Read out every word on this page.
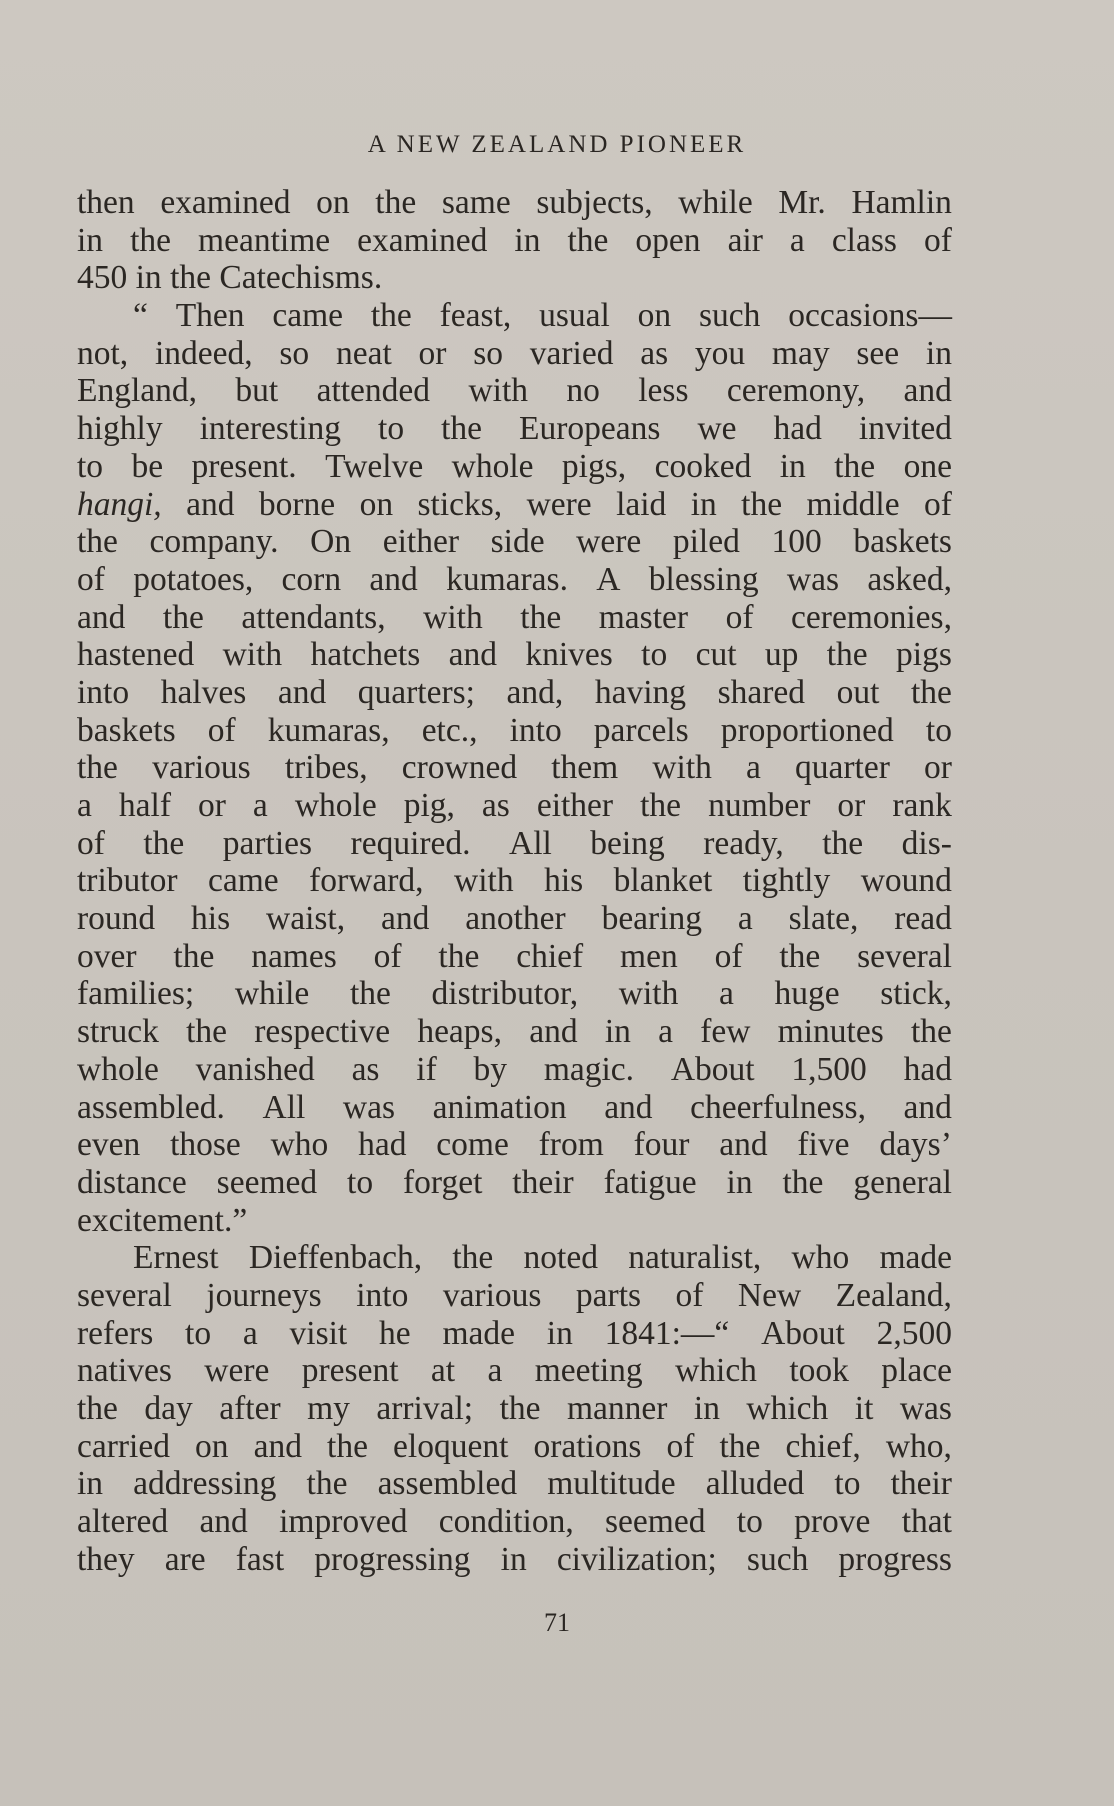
A NEW ZEALAND PIONEER
then examined on the same subjects, while Mr. Hamlin
in the meantime examined in the open air a class of
450 in the Catechisms.
“ Then came the feast, usual on such occasions—
not, indeed, so neat or so varied as you may see in
England, but attended with no less ceremony, and
highly interesting to the Europeans we had invited
to be present. Twelve whole pigs, cooked in the one
hangi, and borne on sticks, were laid in the middle of
the company. On either side were piled 100 baskets
of potatoes, corn and kumaras. A blessing was asked,
and the attendants, with the master of ceremonies,
hastened with hatchets and knives to cut up the pigs
into halves and quarters; and, having shared out the
baskets of kumaras, etc., into parcels proportioned to
the various tribes, crowned them with a quarter or
a half or a whole pig, as either the number or rank
of the parties required. All being ready, the dis-
tributor came forward, with his blanket tightly wound
round his waist, and another bearing a slate, read
over the names of the chief men of the several
families; while the distributor, with a huge stick,
struck the respective heaps, and in a few minutes the
whole vanished as if by magic. About 1,500 had
assembled. All was animation and cheerfulness, and
even those who had come from four and five days’
distance seemed to forget their fatigue in the general
excitement.”
Ernest Dieffenbach, the noted naturalist, who made
several journeys into various parts of New Zealand,
refers to a visit he made in 1841:—“ About 2,500
natives were present at a meeting which took place
the day after my arrival; the manner in which it was
carried on and the eloquent orations of the chief, who,
in addressing the assembled multitude alluded to their
altered and improved condition, seemed to prove that
they are fast progressing in civilization; such progress
71
